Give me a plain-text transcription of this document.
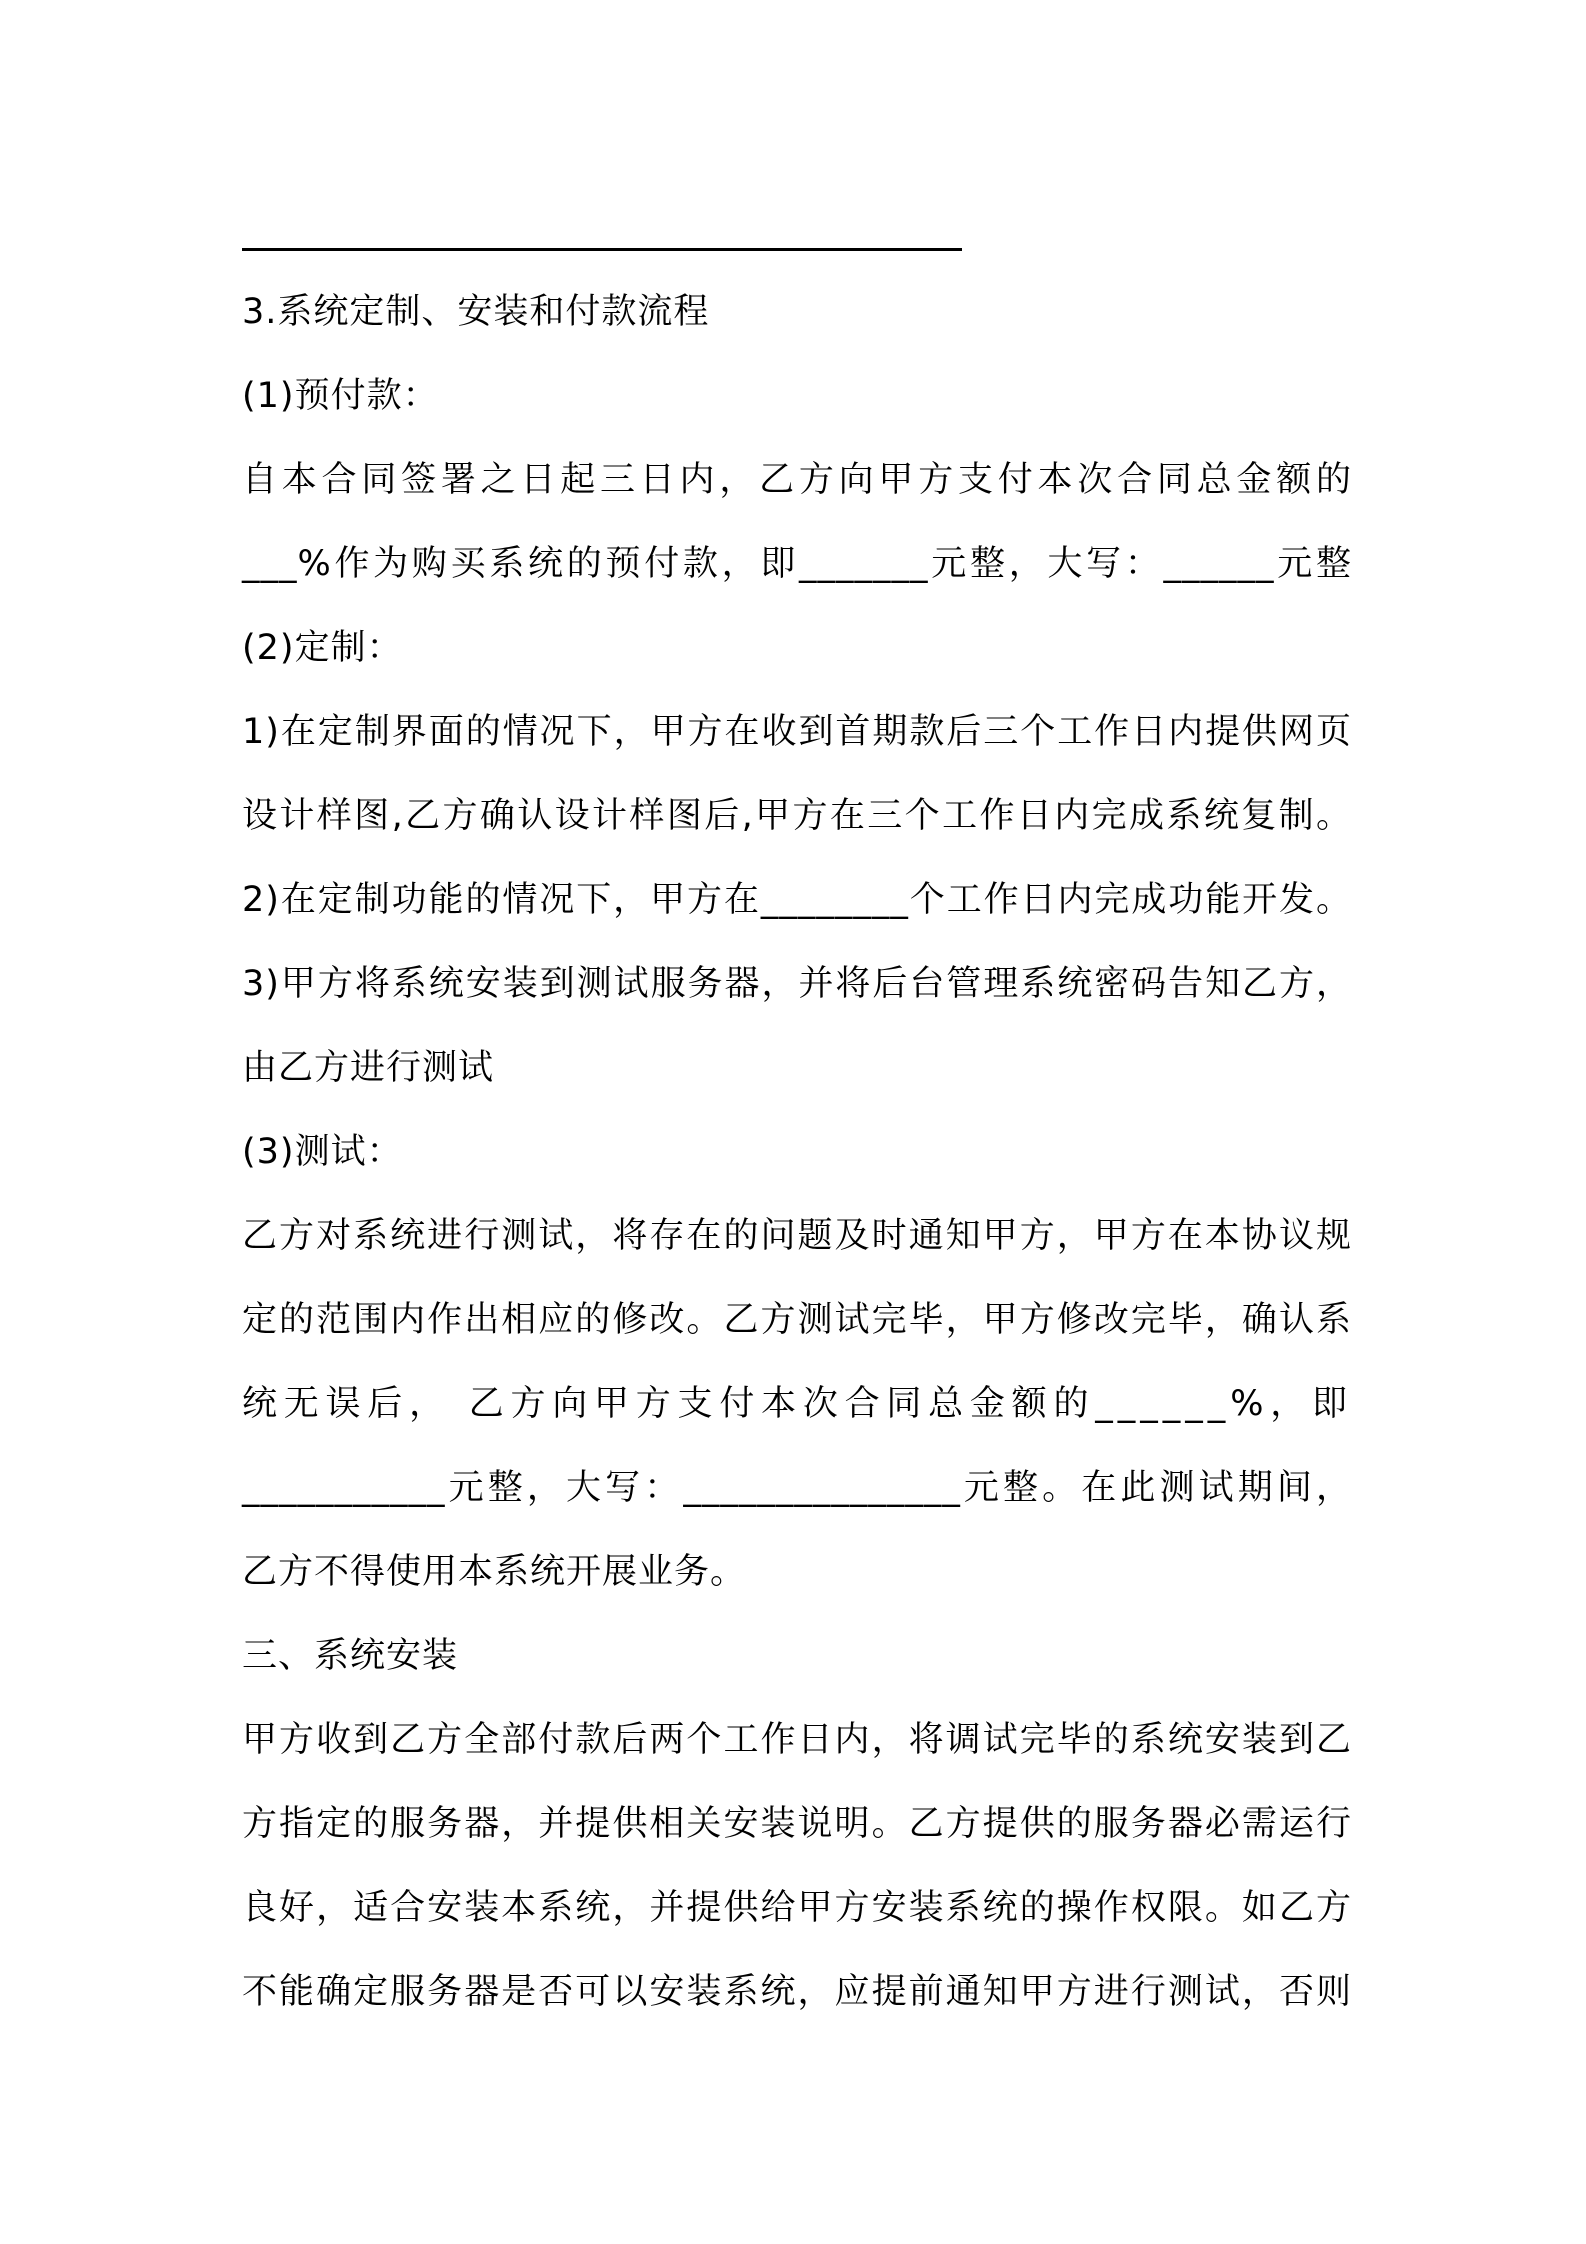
3.系统定制、安装和付款流程
(1)预付款：
自本合同签署之日起三日内，乙方向甲方支付本次合同总金额的
___%作为购买系统的预付款，即_______元整，大写：______元整
(2)定制：
1)在定制界面的情况下，甲方在收到首期款后三个工作日内提供网页
设计样图,乙方确认设计样图后,甲方在三个工作日内完成系统复制。
2)在定制功能的情况下，甲方在________个工作日内完成功能开发。
3)甲方将系统安装到测试服务器，并将后台管理系统密码告知乙方，
由乙方进行测试
(3)测试：
乙方对系统进行测试，将存在的问题及时通知甲方，甲方在本协议规
定的范围内作出相应的修改。乙方测试完毕，甲方修改完毕，确认系
统无误后， 乙方向甲方支付本次合同总金额的______%，即
___________元整，大写：_______________元整。在此测试期间，
乙方不得使用本系统开展业务。
三、系统安装
甲方收到乙方全部付款后两个工作日内，将调试完毕的系统安装到乙
方指定的服务器，并提供相关安装说明。乙方提供的服务器必需运行
良好，适合安装本系统，并提供给甲方安装系统的操作权限。如乙方
不能确定服务器是否可以安装系统，应提前通知甲方进行测试，否则
